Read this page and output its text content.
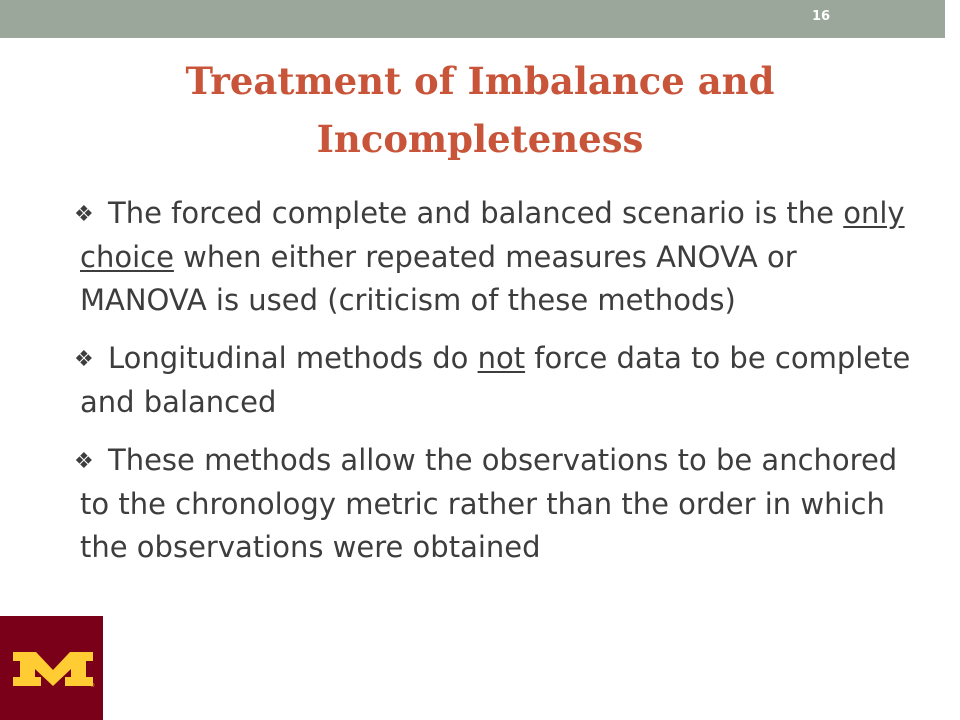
16
Treatment of Imbalance and Incompleteness
❖ The forced complete and balanced scenario is the only choice when either repeated measures ANOVA or MANOVA is used (criticism of these methods)
❖ Longitudinal methods do not force data to be complete and balanced
❖ These methods allow the observations to be anchored to the chronology metric rather than the order in which the observations were obtained
®
